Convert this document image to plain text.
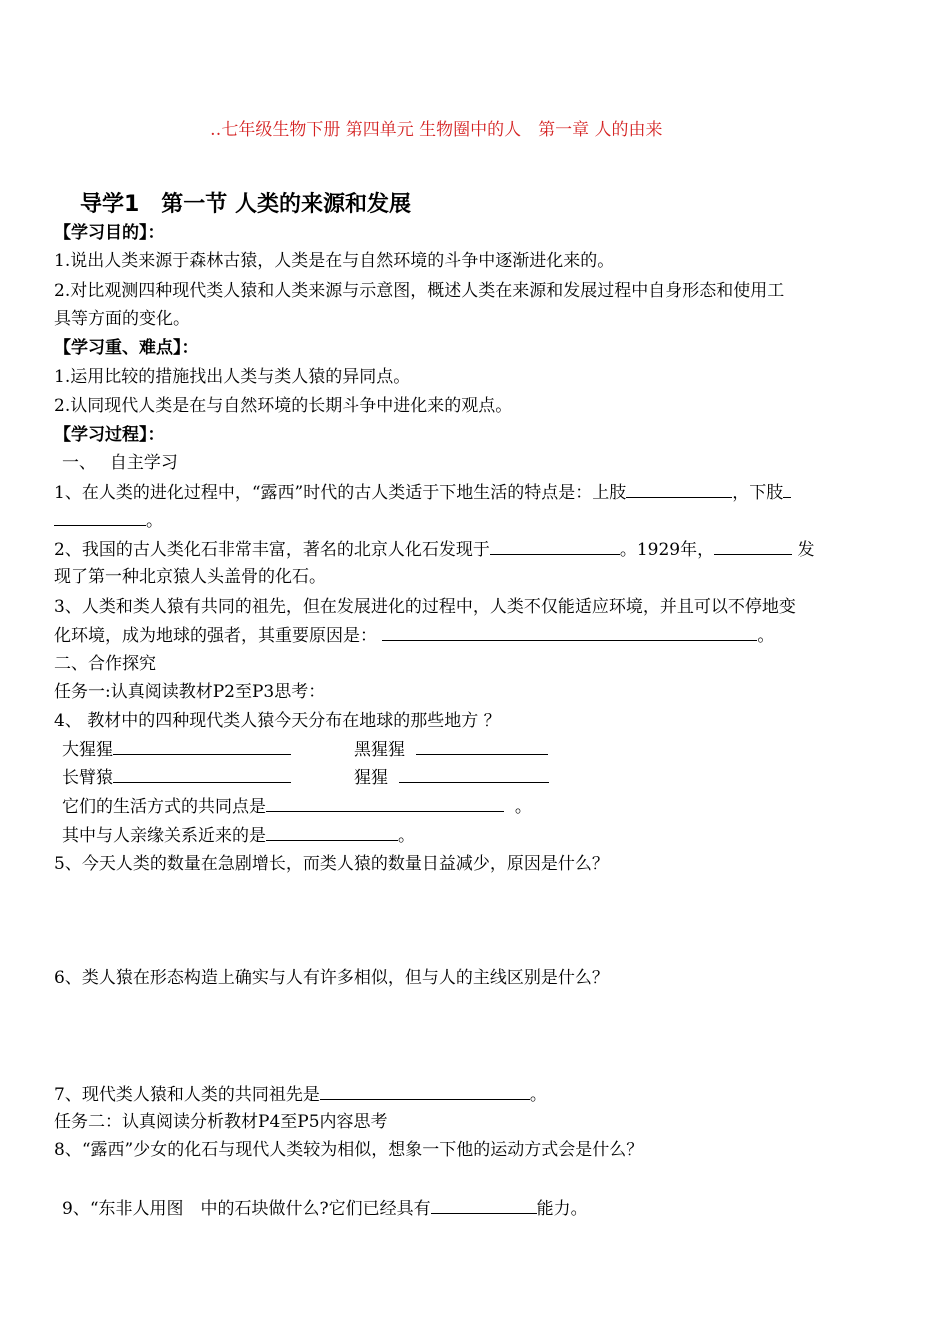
‥七年级生物下册 第四单元 生物圈中的人　第一章 人的由来
导学1　第一节 人类的来源和发展
【学习目的】：
1.说出人类来源于森林古猿，人类是在与自然环境的斗争中逐渐进化来的。
2.对比观测四种现代类人猿和人类来源与示意图，概述人类在来源和发展过程中自身形态和使用工
具等方面的变化。
【学习重、难点】：
1.运用比较的措施找出人类与类人猿的异同点。
2.认同现代人类是在与自然环境的长期斗争中进化来的观点。
【学习过程】：
一、　 自主学习
1、在人类的进化过程中，“露西”时代的古人类适于下地生活的特点是：上肢	，下肢
。
2、我国的古人类化石非常丰富，著名的北京人化石发现于	。1929年，	发
现了第一种北京猿人头盖骨的化石。
3、人类和类人猿有共同的祖先，但在发展进化的过程中，人类不仅能适应环境，并且可以不停地变
化环境，成为地球的强者，其重要原因是：	。
二、合作探究
任务一:认真阅读教材P2至P3思考：
4、 教材中的四种现代类人猿今天分布在地球的那些地方 ？
大猩猩	黑猩猩
长臂猿	猩猩
它们的生活方式的共同点是	。
其中与人亲缘关系近来的是	。
5、今天人类的数量在急剧增长，而类人猿的数量日益减少，原因是什么？
6、类人猿在形态构造上确实与人有许多相似，但与人的主线区别是什么？
7、现代类人猿和人类的共同祖先是	。
任务二：认真阅读分析教材P4至P5内容思考
8、“露西”少女的化石与现代人类较为相似，想象一下他的运动方式会是什么？
9、“东非人用图　中的石块做什么?它们已经具有	能力。
